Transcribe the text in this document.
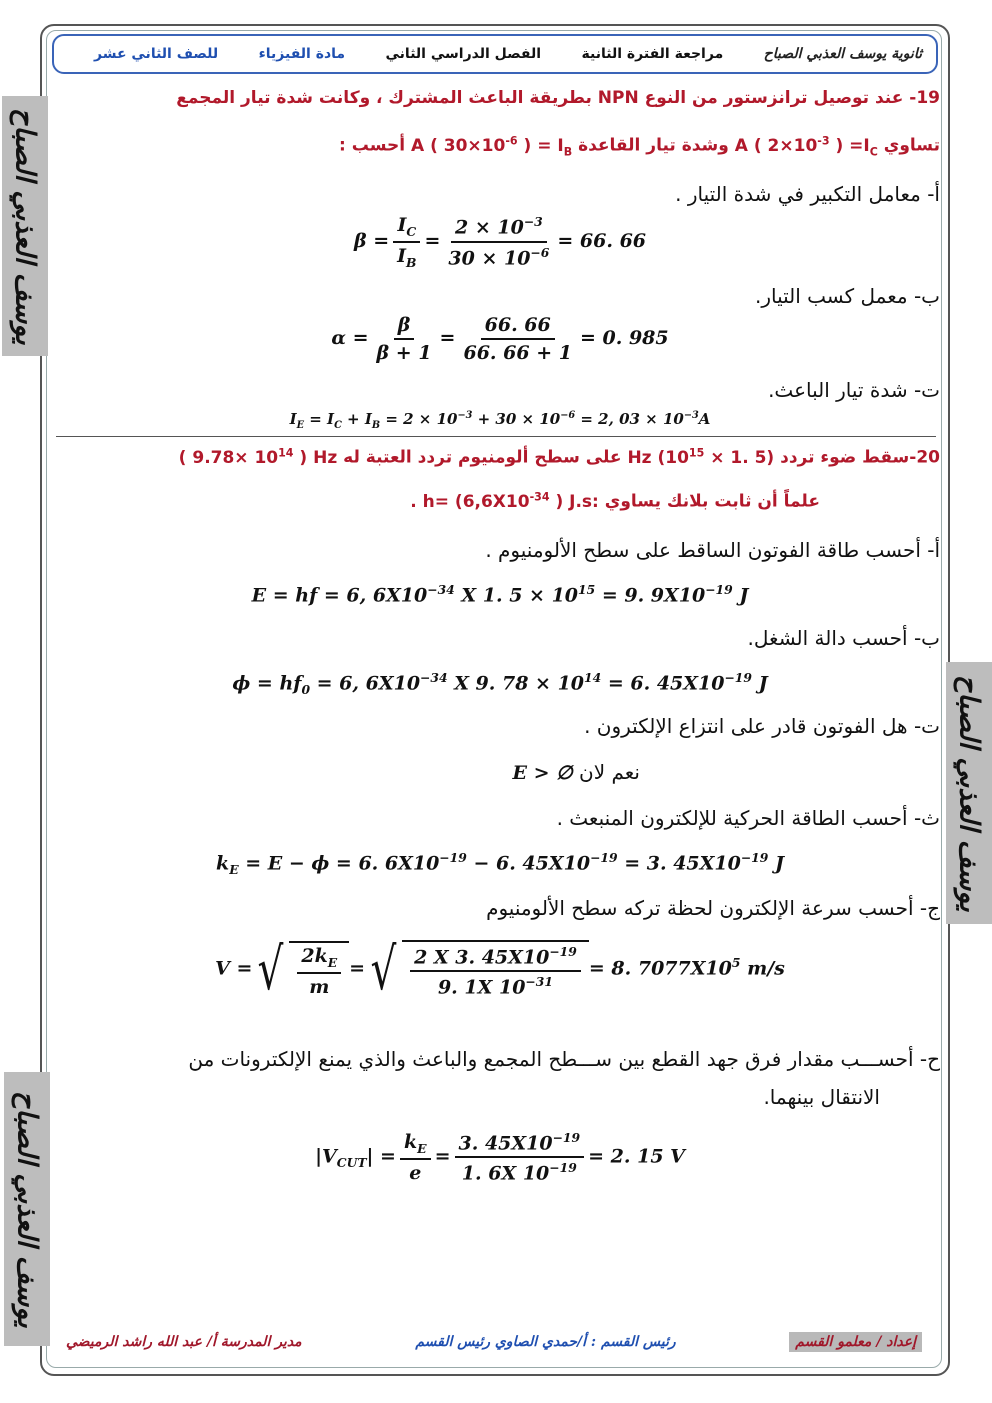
ثانوية يوسف العذبي الصباح
مراجعة الفترة الثانية
الفصل الدراسي الثاني
مادة الفيزياء
للصف الثاني عشر
يوسف العذبي الصباح
يوسف العذبي الصباح
يوسف العذبي الصباح
19- عند توصيل ترانزستور من النوع NPN بطريقة الباعث المشترك ، وكانت شدة تيار المجمع
تساوي A ( $2\times 10^{-3}$ ) $=I_C$ وشدة تيار القاعدة A ( $30\times 10^{-6}$ ) = $I_B$ أحسب :
أ- معامل التكبير في شدة التيار .
$\beta = \frac{I_C}{I_B} = \frac{2 \times 10^{-3}}{30 \times 10^{-6}} = 66$. 66
ب- معمل كسب التيار.
$\alpha = \frac{\beta}{\beta + 1} = \frac{66. 66}{66. 66 + 1} = 0$. 985
ت- شدة تيار الباعث.
$I_E = I_C + I_B = 2 \times 10^{-3} + 30 \times 10^{-6} = 2$, $03 \times 10^{-3}A$
20-سقط ضوء تردد Hz ($10^{15} \times 1$. 5) على سطح ألومنيوم تردد العتبة له ( $9.78\times 10^{14}$ ) Hz
علماً أن ثابت بلانك يساوي . $h= (6,6X10^{-34}$ ) J.s:
أ- أحسب طاقة الفوتون الساقط على سطح الألومنيوم .
E = hf = 6, $6X10^{-34}$ X 1. $5 \times 10^{15} = 9$. $9X10^{-19}$ J
ب- أحسب دالة الشغل.
$\phi = hf_0 = 6$, $6X10^{-34}$ X 9. $78 \times 10^{14} = 6$. $45X10^{-19}$ J
ت- هل الفوتون قادر على انتزاع الإلكترون .
نعم لان E > ∅
ث- أحسب الطاقة الحركية للإلكترون المنبعث .
$k_E = E - \phi = 6$. $6X10^{-19} - 6$. $45X10^{-19} = 3$. $45X10^{-19}$ J
ج- أحسب سرعة الإلكترون لحظة تركه سطح الألومنيوم
V = √ $\frac{2k_E}{m}$ = √ $\frac{2 X 3. 45X10^{-19}}{9. 1X 10^{-31}} = 8$. $7077X10^5$ m/s
ح- أحســـب مقدار فرق جهد القطع بين ســـطح المجمع والباعث والذي يمنع الإلكترونات من
الانتقال بينهما.
$|V_{CUT}| = \frac{k_E}{e} = \frac{3. 45X10^{-19}}{1. 6X 10^{-19}} = 2$. 15 V
إعداد / معلمو القسم
رئيس القسم : أ/حمدي الصاوي رئيس القسم
مدير المدرسة أ/ عبد الله راشد الرميضي
